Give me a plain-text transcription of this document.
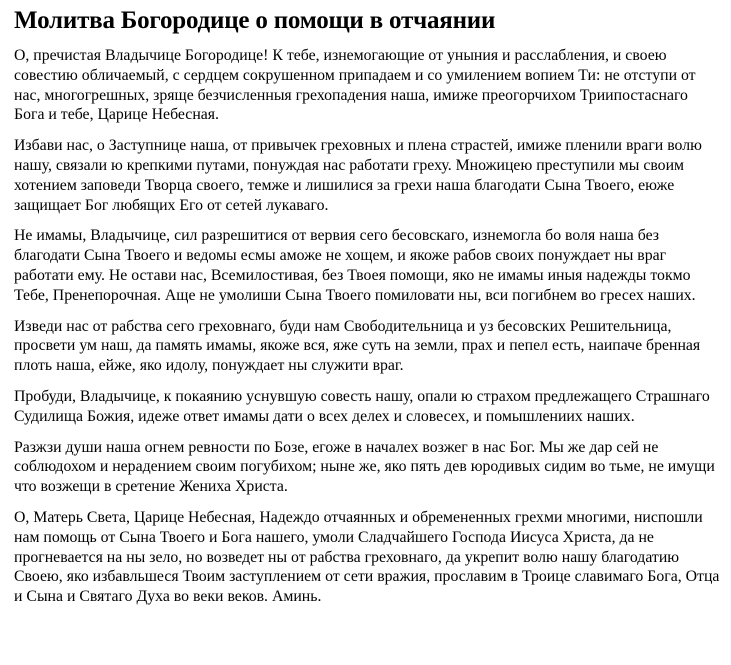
Молитва Богородице о помощи в отчаянии

О, пречистая Владычице Богородице! К тебе, изнемогающие от уныния и расслабления, и своею совестию обличаемый, с сердцем сокрушенном припадаем и со умилением вопием Ти: не отступи от нас, многогрешных, зряще безчисленныя грехопадения наша, имиже преогорчихом Триипостаснаго Бога и тебе, Царице Небесная.

Избави нас, о Заступнице наша, от привычек греховных и плена страстей, имиже пленили враги волю нашу, связали ю крепкими путами, понуждая нас работати греху. Множицею преступили мы своим хотением заповеди Творца своего, темже и лишилися за грехи наша благодати Сына Твоего, еюже защищает Бог любящих Его от сетей лукаваго.

Не имамы, Владычице, сил разрешитися от вервия сего бесовскаго, изнемогла бо воля наша без благодати Сына Твоего и ведомы есмы аможе не хощем, и якоже рабов своих понуждает ны враг работати ему. Не остави нас, Всемилостивая, без Твоея помощи, яко не имамы иныя надежды токмо Тебе, Пренепорочная. Аще не умолиши Сына Твоего помиловати ны, вси погибнем во гресех наших.

Изведи нас от рабства сего греховнаго, буди нам Свободительница и уз бесовских Решительница, просвети ум наш, да память имамы, якоже вся, яже суть на земли, прах и пепел есть, наипаче бренная плоть наша, ейже, яко идолу, понуждает ны служити враг.

Пробуди, Владычице, к покаянию уснувшую совесть нашу, опали ю страхом предлежащего Страшнаго Судилища Божия, идеже ответ имамы дати о всех делех и словесех, и помышлениих наших.

Разжзи души наша огнем ревности по Бозе, егоже в началех возжег в нас Бог. Мы же дар сей не соблюдохом и нерадением своим погубихом; ныне же, яко пять дев юродивых сидим во тьме, не имущи что возжещи в сретение Жениха Христа.

О, Матерь Света, Царице Небесная, Надеждо отчаянных и обремененных грехми многими, ниспошли нам помощь от Сына Твоего и Бога нашего, умоли Сладчайшего Господа Иисуса Христа, да не прогневается на ны зело, но возведет ны от рабства греховнаго, да укрепит волю нашу благодатию Своею, яко избавльшеся Твоим заступлением от сети вражия, прославим в Троице славимаго Бога, Отца и Сына и Святаго Духа во веки веков. Аминь.
